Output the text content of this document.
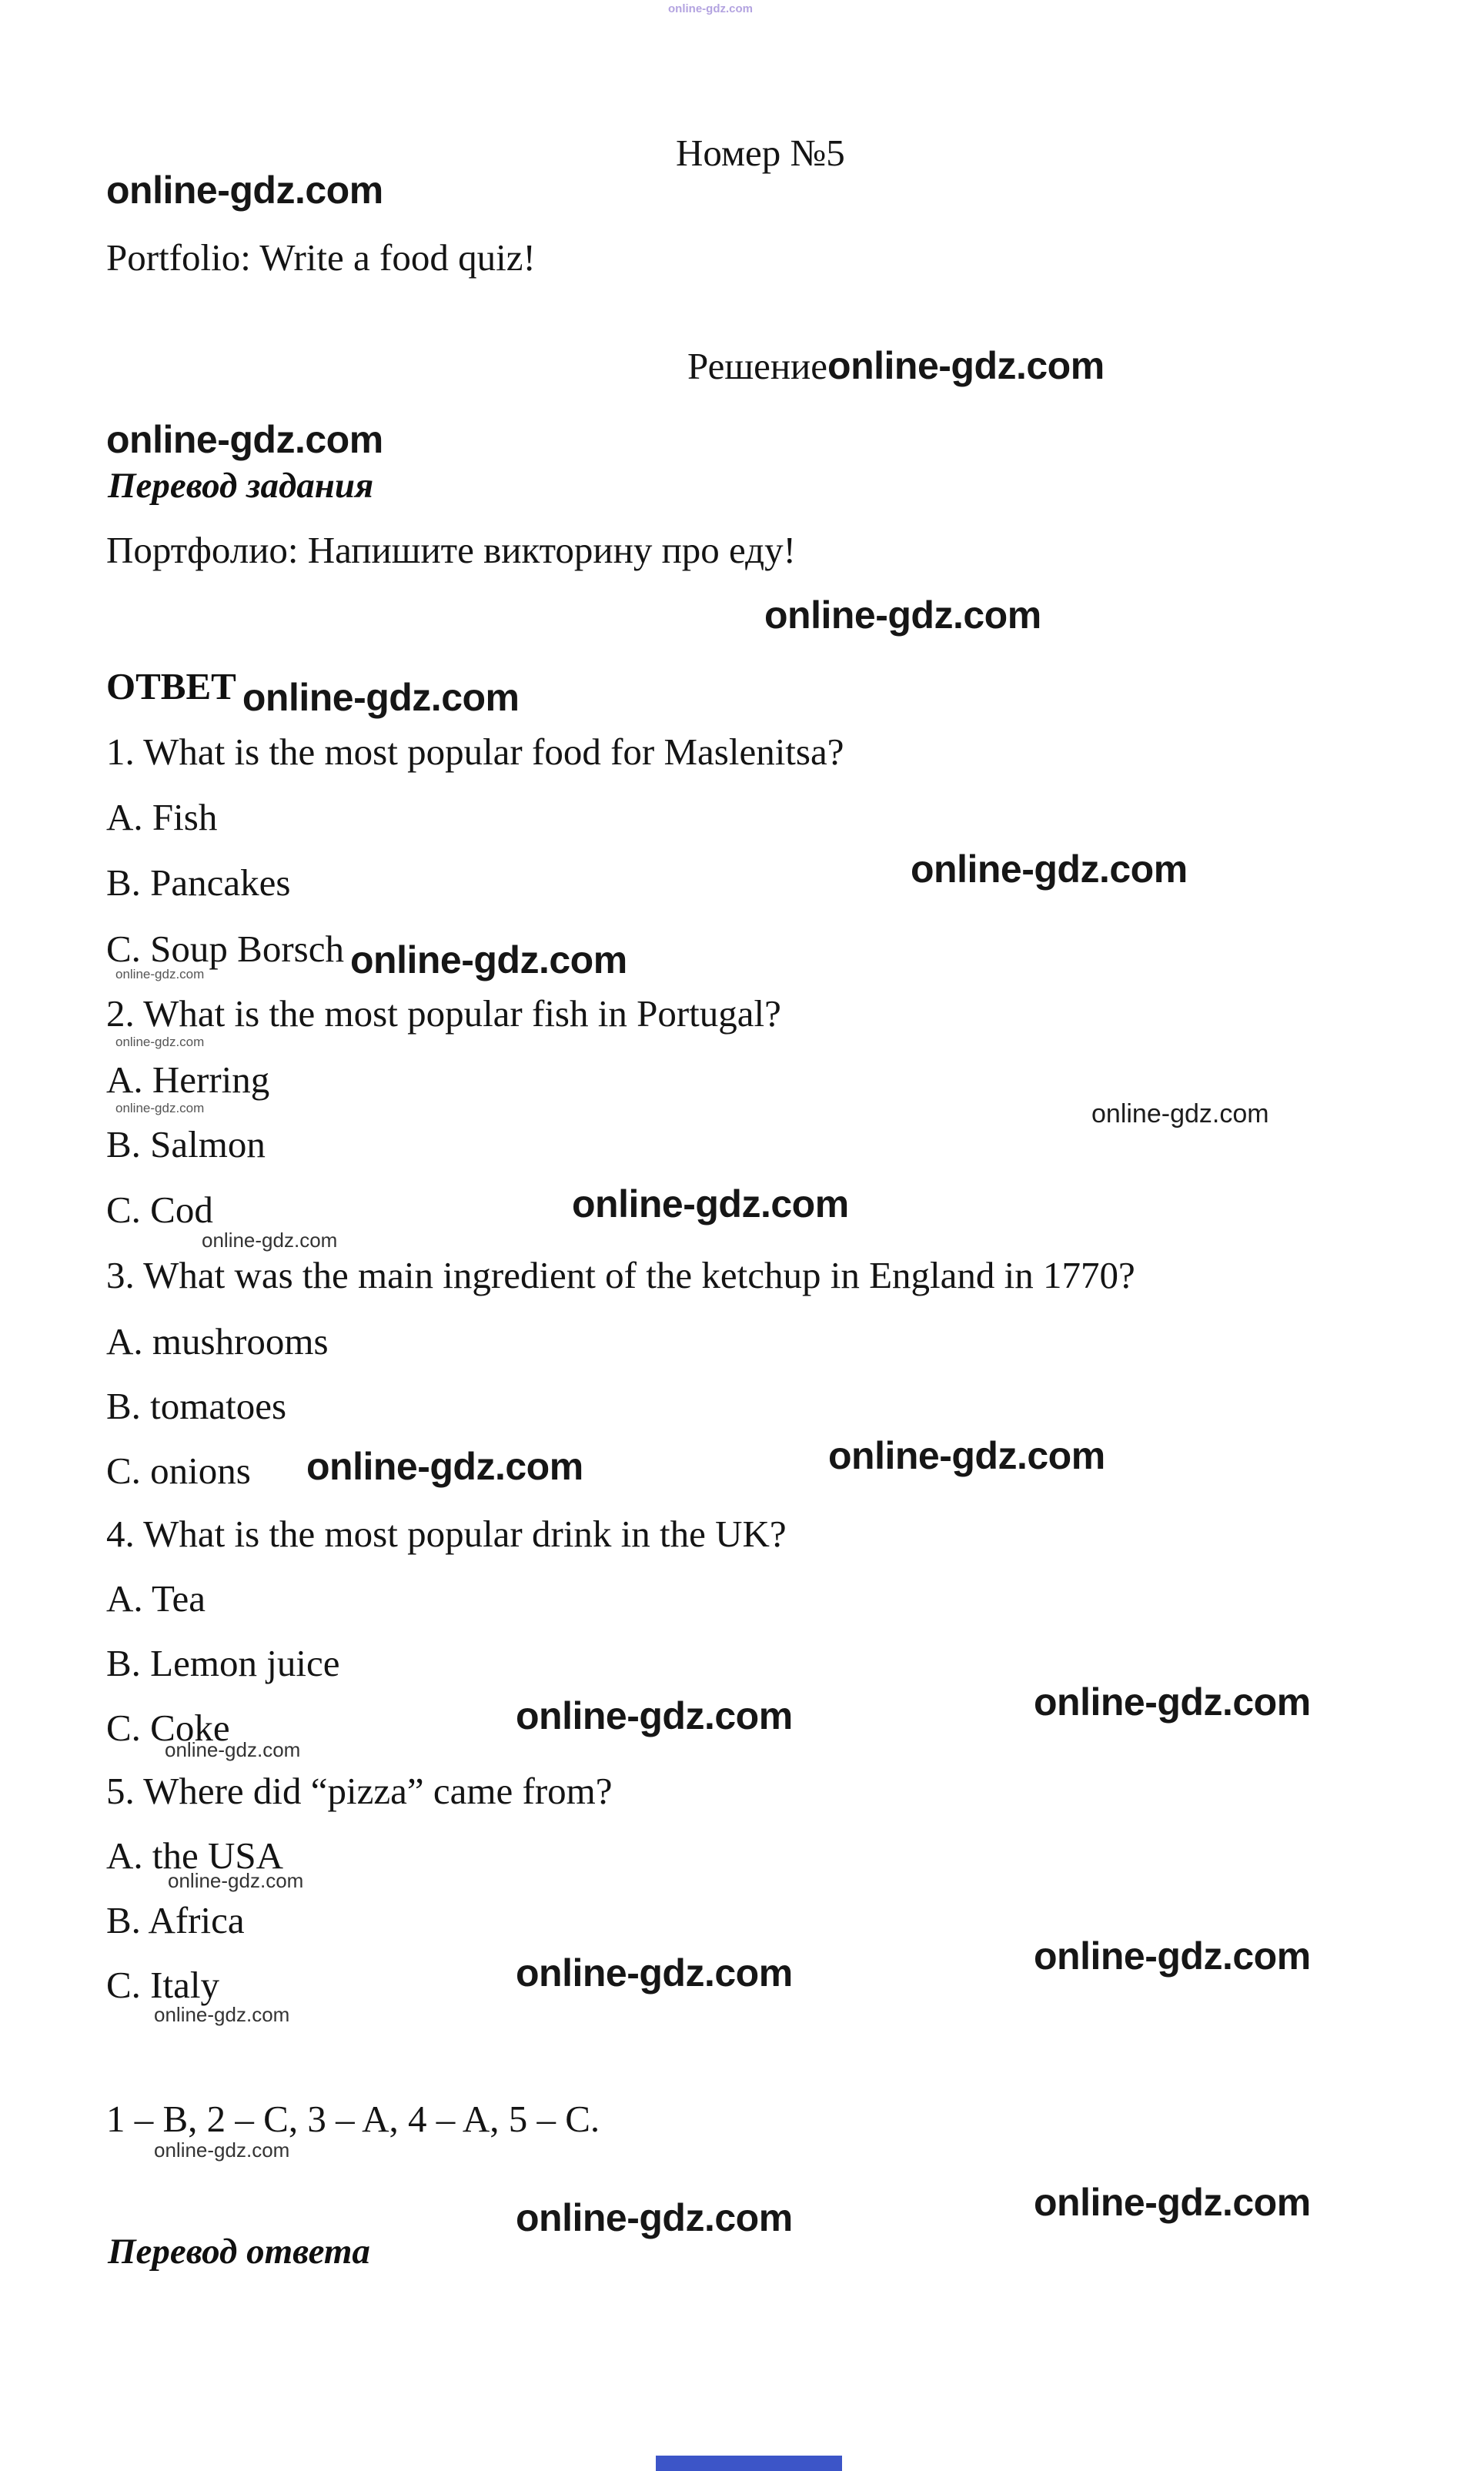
online-gdz.com
Номер №5
online-gdz.com
Portfolio: Write a food quiz!
Решениеonline-gdz.com
online-gdz.com
Перевод задания
Портфолио: Напишите викторину про еду!
online-gdz.com
ОТВЕТ online-gdz.com
1. What is the most popular food for Maslenitsa?
A. Fish
B. Pancakes	online-gdz.com
C. Soup Borsch online-gdz.com
online-gdz.com
2. What is the most popular fish in Portugal?
online-gdz.com
A. Herring
online-gdz.com	online-gdz.com
B. Salmon
C. Cod	online-gdz.com
online-gdz.com
3. What was the main ingredient of the ketchup in England in 1770?
A. mushrooms
B. tomatoes
C. onions online-gdz.com	online-gdz.com
4. What is the most popular drink in the UK?
A. Tea
B. Lemon juice
C. Coke	online-gdz.com	online-gdz.com
online-gdz.com
5. Where did “pizza” came from?
A. the USA
online-gdz.com
B. Africa
C. Italy	online-gdz.com	online-gdz.com
online-gdz.com
1 – B, 2 – C, 3 – A, 4 – A, 5 – C.
online-gdz.com
online-gdz.com	online-gdz.com
Перевод ответа
